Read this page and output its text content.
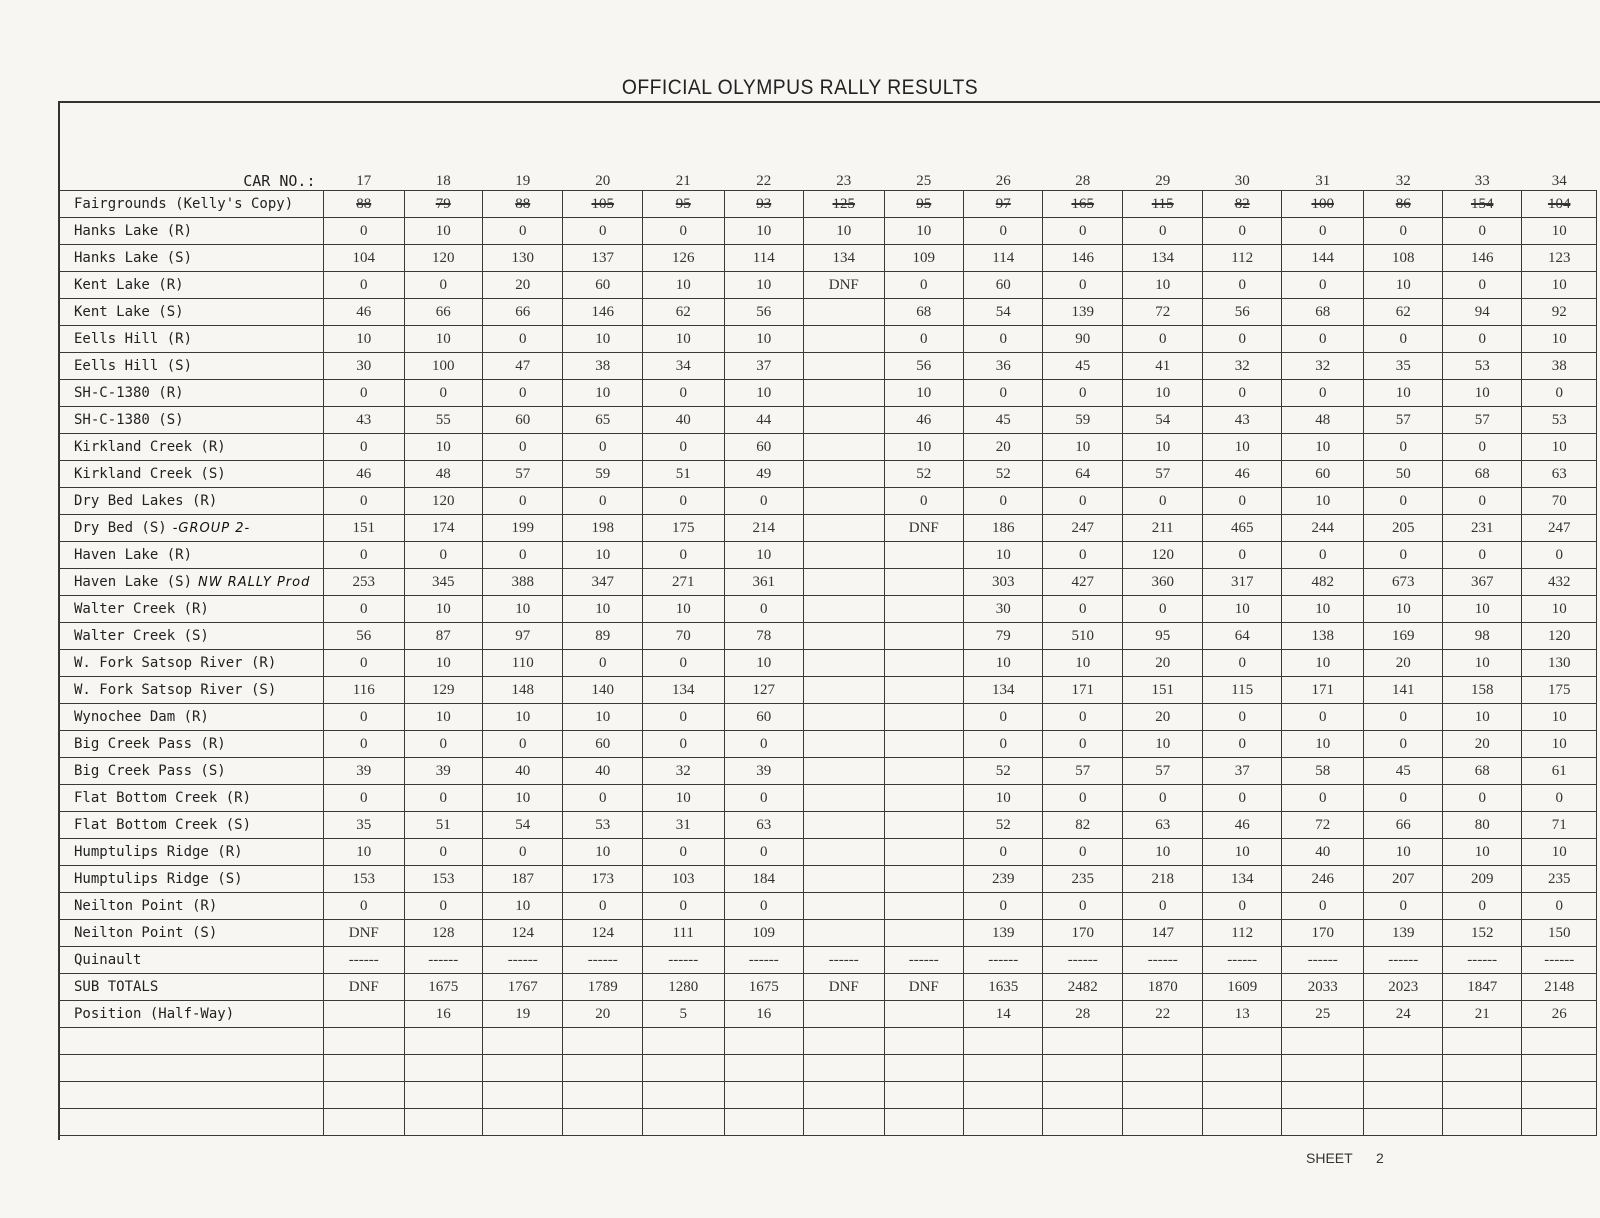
OFFICIAL OLYMPUS RALLY RESULTS
CAR NO.:	17	18	19	20	21	22	23	25	26	28	29	30	31	32	33	34
Fairgrounds (Kelly's Copy)	88	79	88	105	95	93	125	95	97	165	115	82	100	86	154	104
Hanks Lake (R)	0	10	0	0	0	10	10	10	0	0	0	0	0	0	0	10
Hanks Lake (S)	104	120	130	137	126	114	134	109	114	146	134	112	144	108	146	123
Kent Lake (R)	0	0	20	60	10	10	DNF	0	60	0	10	0	0	10	0	10
Kent Lake (S)	46	66	66	146	62	56		68	54	139	72	56	68	62	94	92
Eells Hill (R)	10	10	0	10	10	10		0	0	90	0	0	0	0	0	10
Eells Hill (S)	30	100	47	38	34	37		56	36	45	41	32	32	35	53	38
SH-C-1380 (R)	0	0	0	10	0	10		10	0	0	10	0	0	10	10	0
SH-C-1380 (S)	43	55	60	65	40	44		46	45	59	54	43	48	57	57	53
Kirkland Creek (R)	0	10	0	0	0	60		10	20	10	10	10	10	0	0	10
Kirkland Creek (S)	46	48	57	59	51	49		52	52	64	57	46	60	50	68	63
Dry Bed Lakes (R)	0	120	0	0	0	0		0	0	0	0	0	10	0	0	70
Dry Bed (S) -GROUP 2-	151	174	199	198	175	214		DNF	186	247	211	465	244	205	231	247
Haven Lake (R)	0	0	0	10	0	10			10	0	120	0	0	0	0	0
Haven Lake (S) NW RALLY Prod	253	345	388	347	271	361			303	427	360	317	482	673	367	432
Walter Creek (R)	0	10	10	10	10	0			30	0	0	10	10	10	10	10
Walter Creek (S)	56	87	97	89	70	78			79	510	95	64	138	169	98	120
W. Fork Satsop River (R)	0	10	110	0	0	10			10	10	20	0	10	20	10	130
W. Fork Satsop River (S)	116	129	148	140	134	127			134	171	151	115	171	141	158	175
Wynochee Dam (R)	0	10	10	10	0	60			0	0	20	0	0	0	10	10
Big Creek Pass (R)	0	0	0	60	0	0			0	0	10	0	10	0	20	10
Big Creek Pass (S)	39	39	40	40	32	39			52	57	57	37	58	45	68	61
Flat Bottom Creek (R)	0	0	10	0	10	0			10	0	0	0	0	0	0	0
Flat Bottom Creek (S)	35	51	54	53	31	63			52	82	63	46	72	66	80	71
Humptulips Ridge (R)	10	0	0	10	0	0			0	0	10	10	40	10	10	10
Humptulips Ridge (S)	153	153	187	173	103	184			239	235	218	134	246	207	209	235
Neilton Point (R)	0	0	10	0	0	0			0	0	0	0	0	0	0	0
Neilton Point (S)	DNF	128	124	124	111	109			139	170	147	112	170	139	152	150
Quinault	------	------	------	------	------	------	------	------	------	------	------	------	------	------	------	------
SUB TOTALS	DNF	1675	1767	1789	1280	1675	DNF	DNF	1635	2482	1870	1609	2033	2023	1847	2148
Position (Half-Way)		16	19	20	5	16			14	28	22	13	25	24	21	26

SHEET 2
